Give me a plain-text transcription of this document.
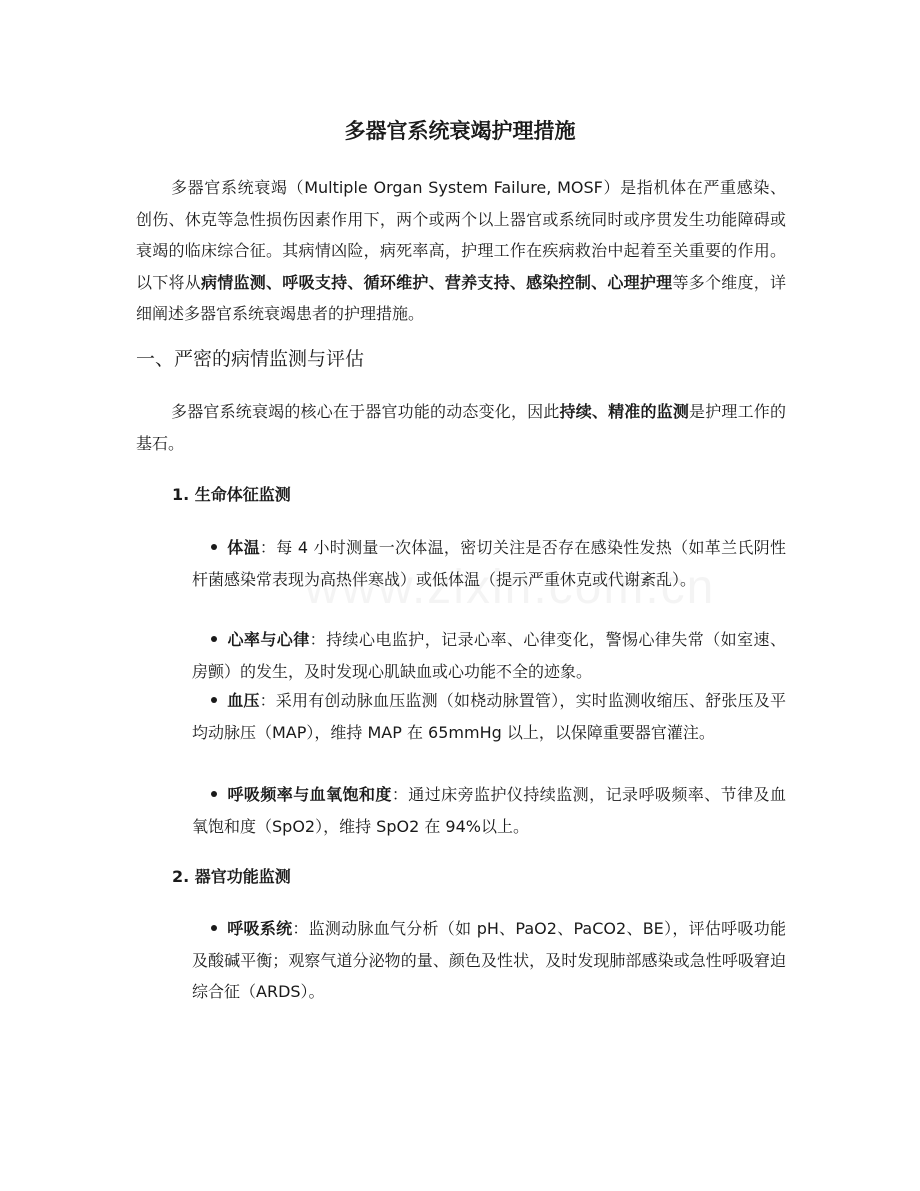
多器官系统衰竭护理措施

多器官系统衰竭（Multiple Organ System Failure, MOSF）是指机体在严重感染、创伤、休克等急性损伤因素作用下，两个或两个以上器官或系统同时或序贯发生功能障碍或衰竭的临床综合征。其病情凶险，病死率高，护理工作在疾病救治中起着至关重要的作用。以下将从病情监测、呼吸支持、循环维护、营养支持、感染控制、心理护理等多个维度，详细阐述多器官系统衰竭患者的护理措施。

一、严密的病情监测与评估

多器官系统衰竭的核心在于器官功能的动态变化，因此持续、精准的监测是护理工作的基石。

1. 生命体征监测

体温：每 4 小时测量一次体温，密切关注是否存在感染性发热（如革兰氏阴性杆菌感染常表现为高热伴寒战）或低体温（提示严重休克或代谢紊乱）。

心率与心律：持续心电监护，记录心率、心律变化，警惕心律失常（如室速、房颤）的发生，及时发现心肌缺血或心功能不全的迹象。

血压：采用有创动脉血压监测（如桡动脉置管），实时监测收缩压、舒张压及平均动脉压（MAP），维持 MAP 在 65mmHg 以上，以保障重要器官灌注。

呼吸频率与血氧饱和度：通过床旁监护仪持续监测，记录呼吸频率、节律及血氧饱和度（SpO2），维持 SpO2 在 94%以上。

2. 器官功能监测

呼吸系统：监测动脉血气分析（如 pH、PaO2、PaCO2、BE），评估呼吸功能及酸碱平衡；观察气道分泌物的量、颜色及性状，及时发现肺部感染或急性呼吸窘迫综合征（ARDS）。
